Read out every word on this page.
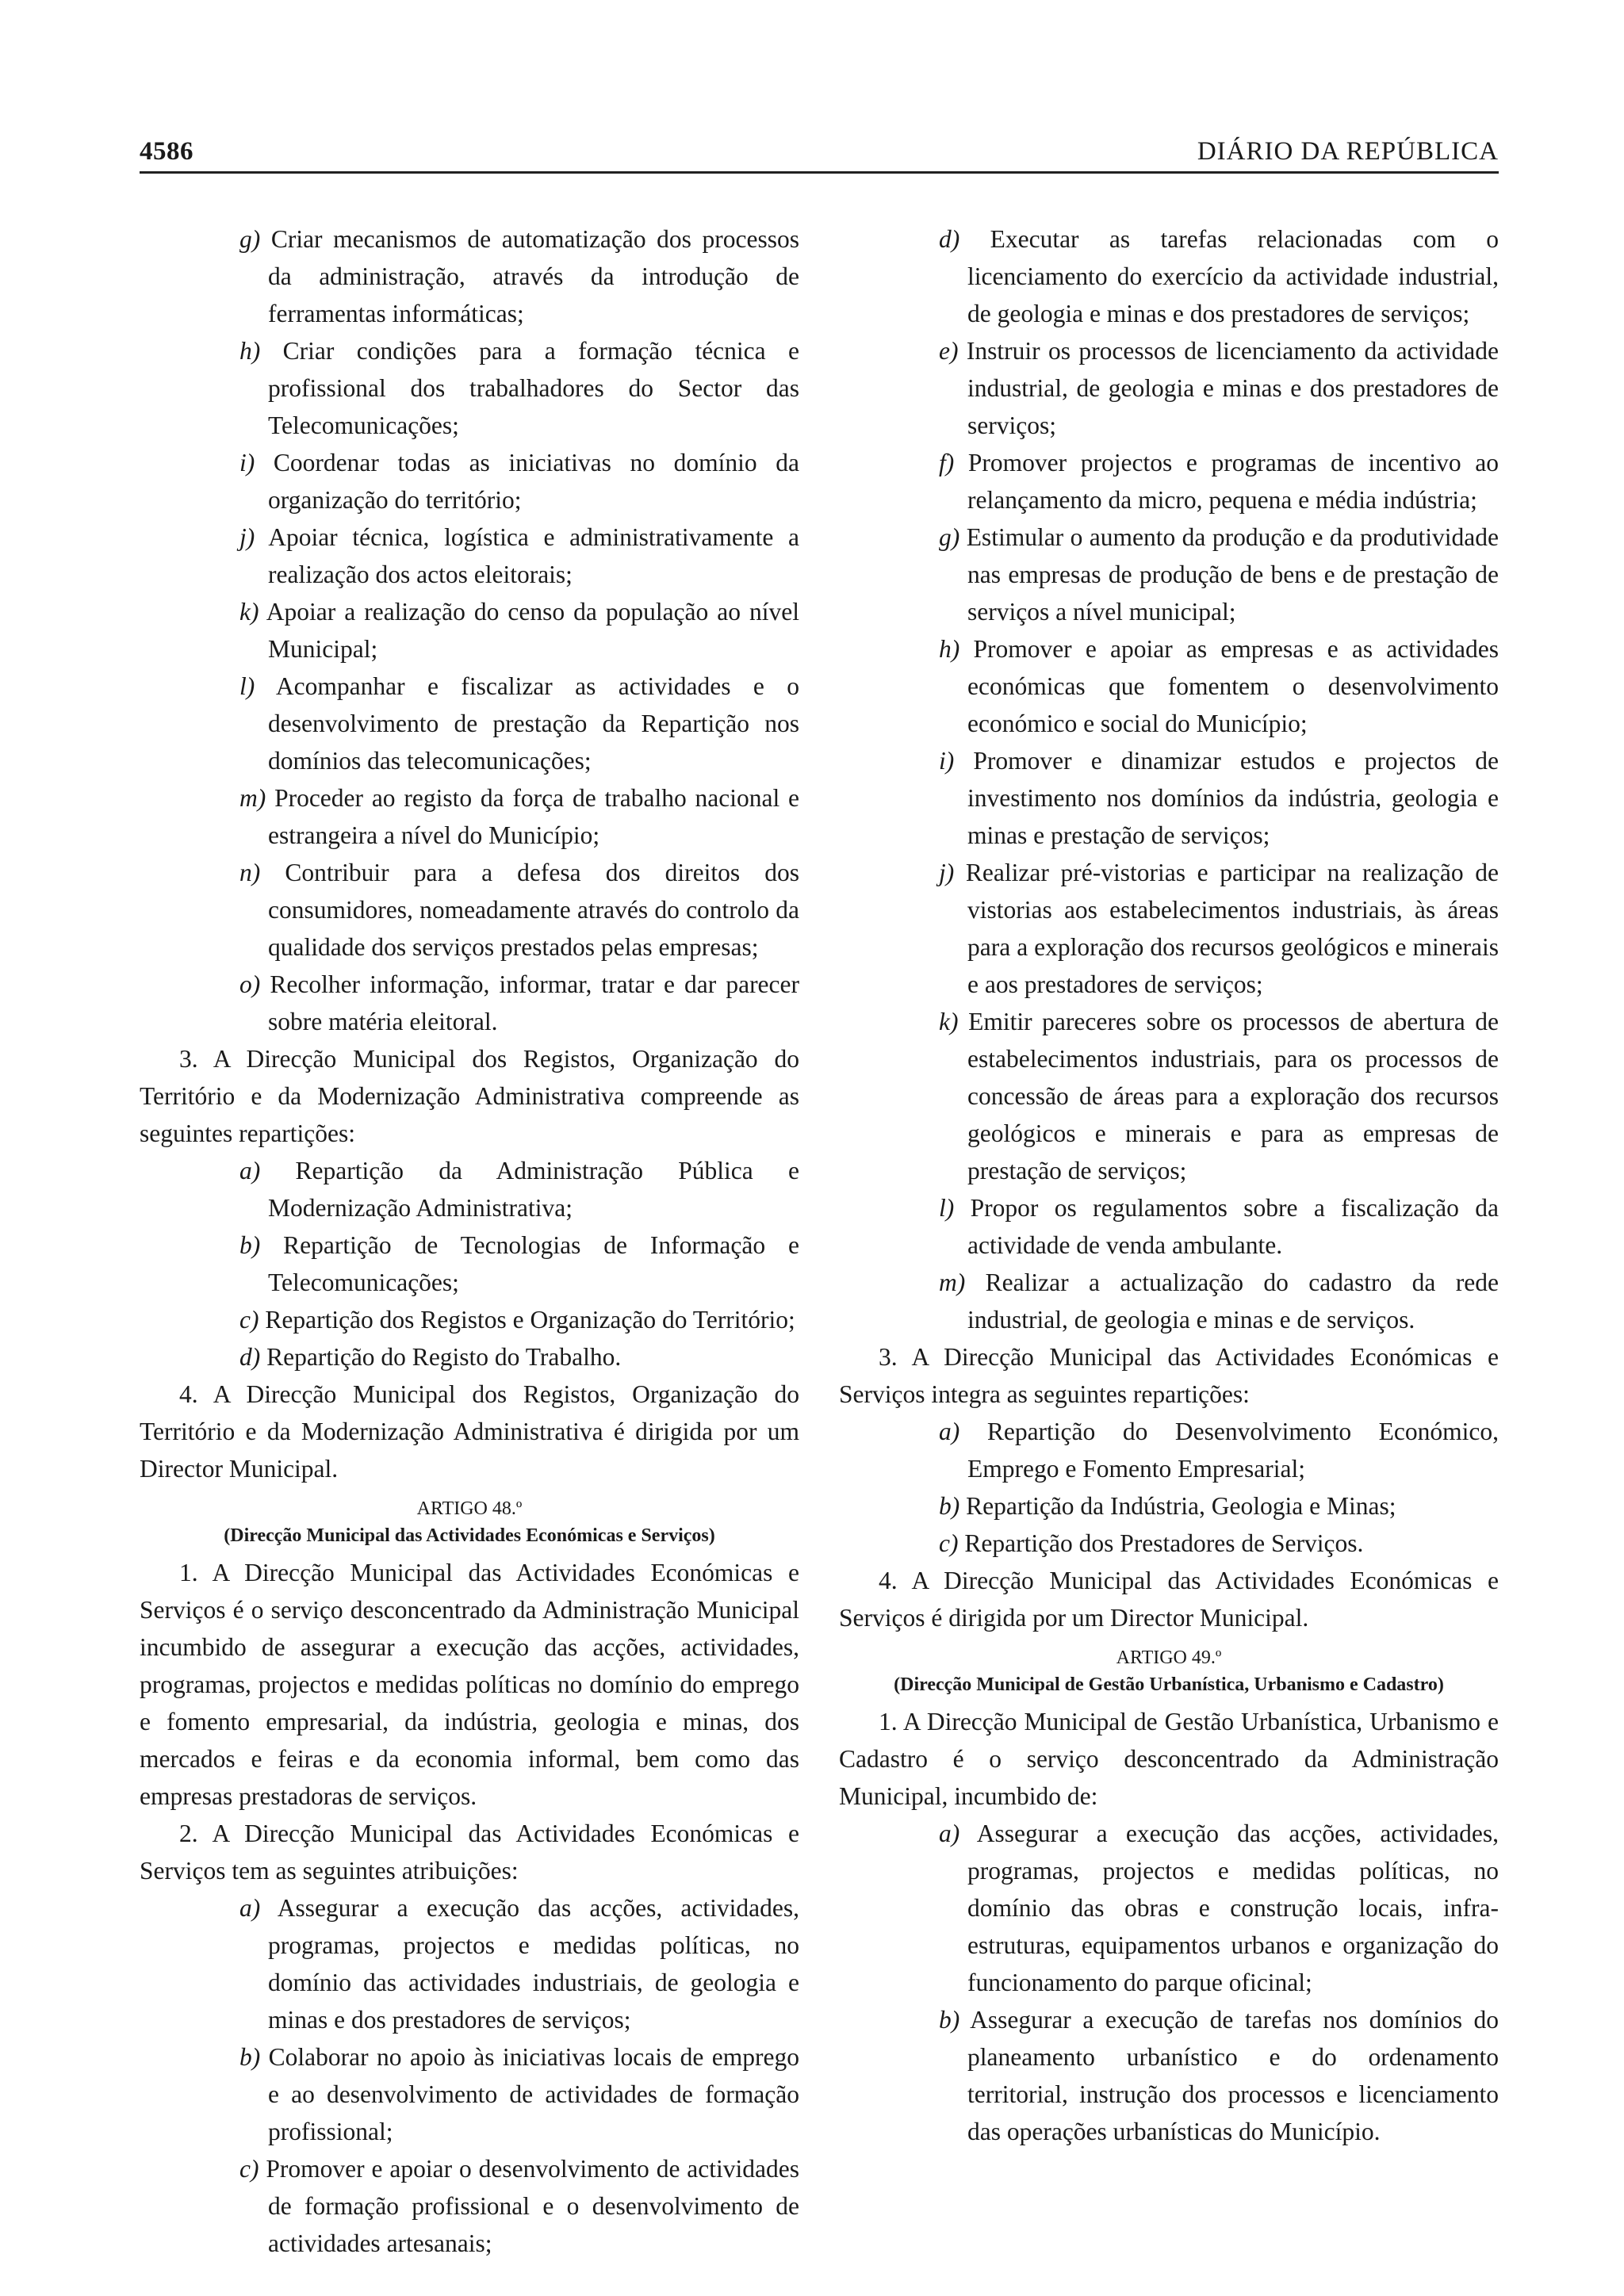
4586	DIÁRIO DA REPÚBLICA

g) Criar mecanismos de automatização dos processos da administração, através da introdução de ferramentas informáticas;

h) Criar condições para a formação técnica e profissional dos trabalhadores do Sector das Telecomunicações;

i) Coordenar todas as iniciativas no domínio da organização do território;

j) Apoiar técnica, logística e administrativamente a realização dos actos eleitorais;

k) Apoiar a realização do censo da população ao nível Municipal;

l) Acompanhar e fiscalizar as actividades e o desenvolvimento de prestação da Repartição nos domínios das telecomunicações;

m) Proceder ao registo da força de trabalho nacional e estrangeira a nível do Município;

n) Contribuir para a defesa dos direitos dos consumidores, nomeadamente através do controlo da qualidade dos serviços prestados pelas empresas;

o) Recolher informação, informar, tratar e dar parecer sobre matéria eleitoral.

3. A Direcção Municipal dos Registos, Organização do Território e da Modernização Administrativa compreende as seguintes repartições:

a) Repartição da Administração Pública e Modernização Administrativa;

b) Repartição de Tecnologias de Informação e Telecomunicações;

c) Repartição dos Registos e Organização do Território;

d) Repartição do Registo do Trabalho.

4. A Direcção Municipal dos Registos, Organização do Território e da Modernização Administrativa é dirigida por um Director Municipal.

ARTIGO 48.º
(Direcção Municipal das Actividades Económicas e Serviços)

1. A Direcção Municipal das Actividades Económicas e Serviços é o serviço desconcentrado da Administração Municipal incumbido de assegurar a execução das acções, actividades, programas, projectos e medidas políticas no domínio do emprego e fomento empresarial, da indústria, geologia e minas, dos mercados e feiras e da economia informal, bem como das empresas prestadoras de serviços.

2. A Direcção Municipal das Actividades Económicas e Serviços tem as seguintes atribuições:

a) Assegurar a execução das acções, actividades, programas, projectos e medidas políticas, no domínio das actividades industriais, de geologia e minas e dos prestadores de serviços;

b) Colaborar no apoio às iniciativas locais de emprego e ao desenvolvimento de actividades de formação profissional;

c) Promover e apoiar o desenvolvimento de actividades de formação profissional e o desenvolvimento de actividades artesanais;

d) Executar as tarefas relacionadas com o licenciamento do exercício da actividade industrial, de geologia e minas e dos prestadores de serviços;

e) Instruir os processos de licenciamento da actividade industrial, de geologia e minas e dos prestadores de serviços;

f) Promover projectos e programas de incentivo ao relançamento da micro, pequena e média indústria;

g) Estimular o aumento da produção e da produtividade nas empresas de produção de bens e de prestação de serviços a nível municipal;

h) Promover e apoiar as empresas e as actividades económicas que fomentem o desenvolvimento económico e social do Município;

i) Promover e dinamizar estudos e projectos de investimento nos domínios da indústria, geologia e minas e prestação de serviços;

j) Realizar pré-vistorias e participar na realização de vistorias aos estabelecimentos industriais, às áreas para a exploração dos recursos geológicos e minerais e aos prestadores de serviços;

k) Emitir pareceres sobre os processos de abertura de estabelecimentos industriais, para os processos de concessão de áreas para a exploração dos recursos geológicos e minerais e para as empresas de prestação de serviços;

l) Propor os regulamentos sobre a fiscalização da actividade de venda ambulante.

m) Realizar a actualização do cadastro da rede industrial, de geologia e minas e de serviços.

3. A Direcção Municipal das Actividades Económicas e Serviços integra as seguintes repartições:

a) Repartição do Desenvolvimento Económico, Emprego e Fomento Empresarial;

b) Repartição da Indústria, Geologia e Minas;

c) Repartição dos Prestadores de Serviços.

4. A Direcção Municipal das Actividades Económicas e Serviços é dirigida por um Director Municipal.

ARTIGO 49.º
(Direcção Municipal de Gestão Urbanística, Urbanismo e Cadastro)

1. A Direcção Municipal de Gestão Urbanística, Urbanismo e Cadastro é o serviço desconcentrado da Administração Municipal, incumbido de:

a) Assegurar a execução das acções, actividades, programas, projectos e medidas políticas, no domínio das obras e construção locais, infra-estruturas, equipamentos urbanos e organização do funcionamento do parque oficinal;

b) Assegurar a execução de tarefas nos domínios do planeamento urbanístico e do ordenamento territorial, instrução dos processos e licenciamento das operações urbanísticas do Município.
